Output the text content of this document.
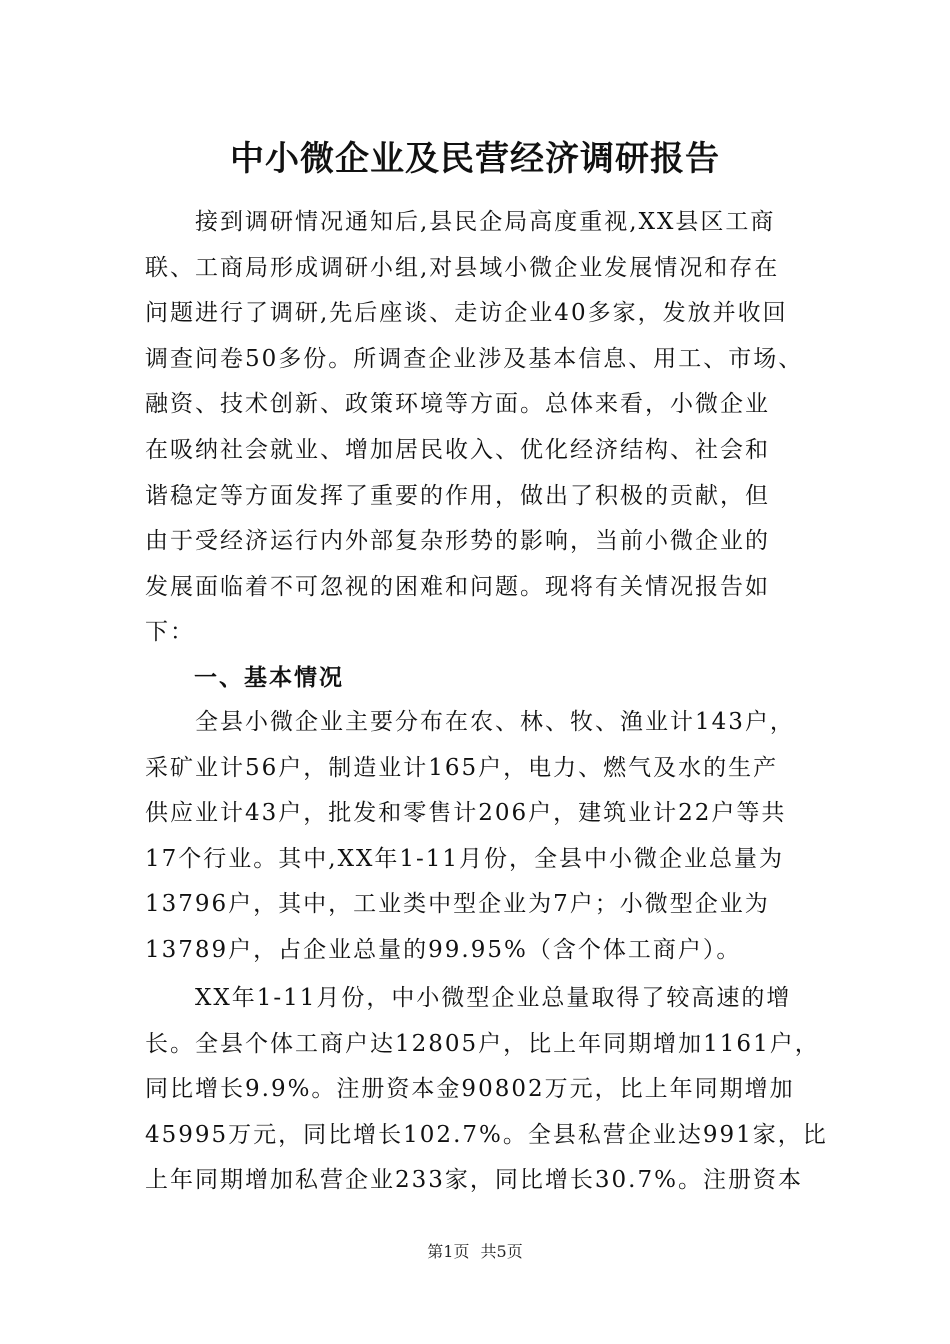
中小微企业及民营经济调研报告
　　接到调研情况通知后,县民企局高度重视,XX县区工商
联、工商局形成调研小组,对县域小微企业发展情况和存在
问题进行了调研,先后座谈、走访企业40多家，发放并收回
调查问卷50多份。所调查企业涉及基本信息、用工、市场、
融资、技术创新、政策环境等方面。总体来看，小微企业
在吸纳社会就业、增加居民收入、优化经济结构、社会和
谐稳定等方面发挥了重要的作用，做出了积极的贡献，但
由于受经济运行内外部复杂形势的影响，当前小微企业的
发展面临着不可忽视的困难和问题。现将有关情况报告如
下：
一、基本情况
　　全县小微企业主要分布在农、林、牧、渔业计143户，
采矿业计56户，制造业计165户，电力、燃气及水的生产
供应业计43户，批发和零售计206户，建筑业计22户等共
17个行业。其中,XX年1-11月份，全县中小微企业总量为
13796户，其中，工业类中型企业为7户；小微型企业为
13789户，占企业总量的99.95%（含个体工商户）。
　　XX年1-11月份，中小微型企业总量取得了较高速的增
长。全县个体工商户达12805户，比上年同期增加1161户，
同比增长9.9%。注册资本金90802万元，比上年同期增加
45995万元，同比增长102.7%。全县私营企业达991家，比
上年同期增加私营企业233家，同比增长30.7%。注册资本
第1页 共5页
